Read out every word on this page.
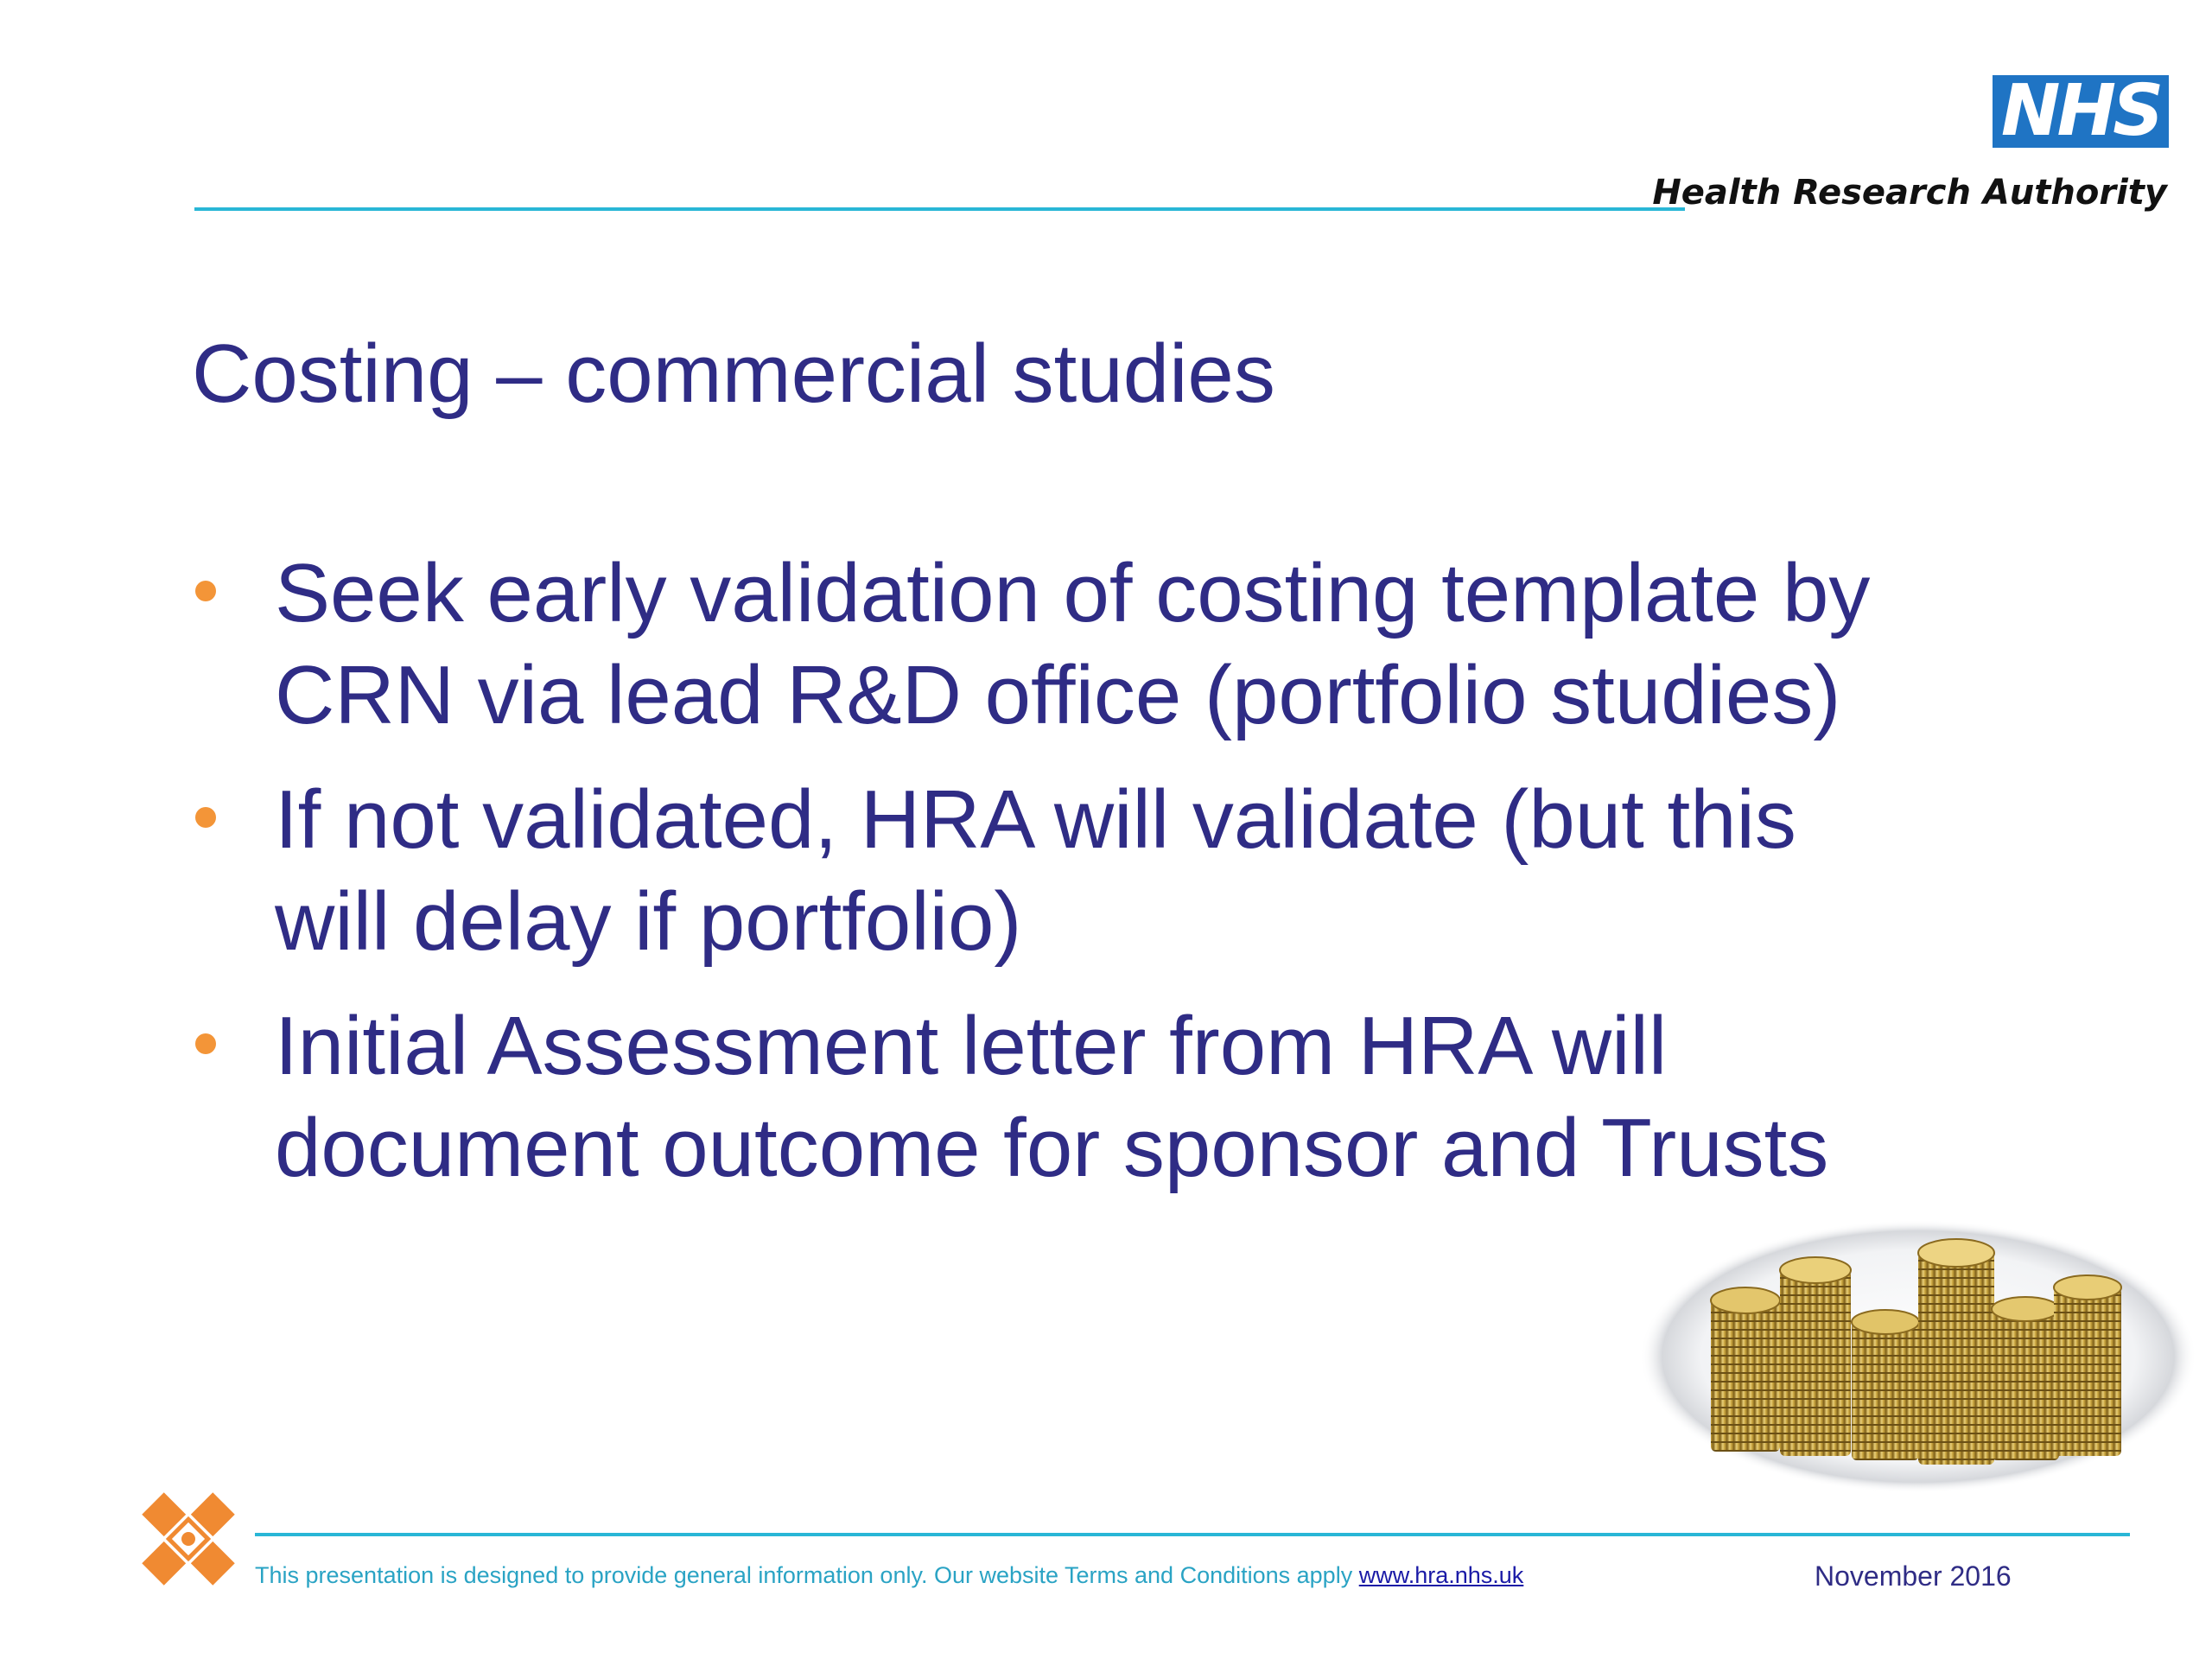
NHS
Health Research Authority
Costing – commercial studies
Seek early validation of costing template by
CRN via lead R&D office (portfolio studies)
If not validated, HRA will validate (but this
will delay if portfolio)
Initial Assessment letter from HRA will
document outcome for sponsor and Trusts
This presentation is designed to provide general information only. Our website Terms and Conditions apply www.hra.nhs.uk	November 2016
